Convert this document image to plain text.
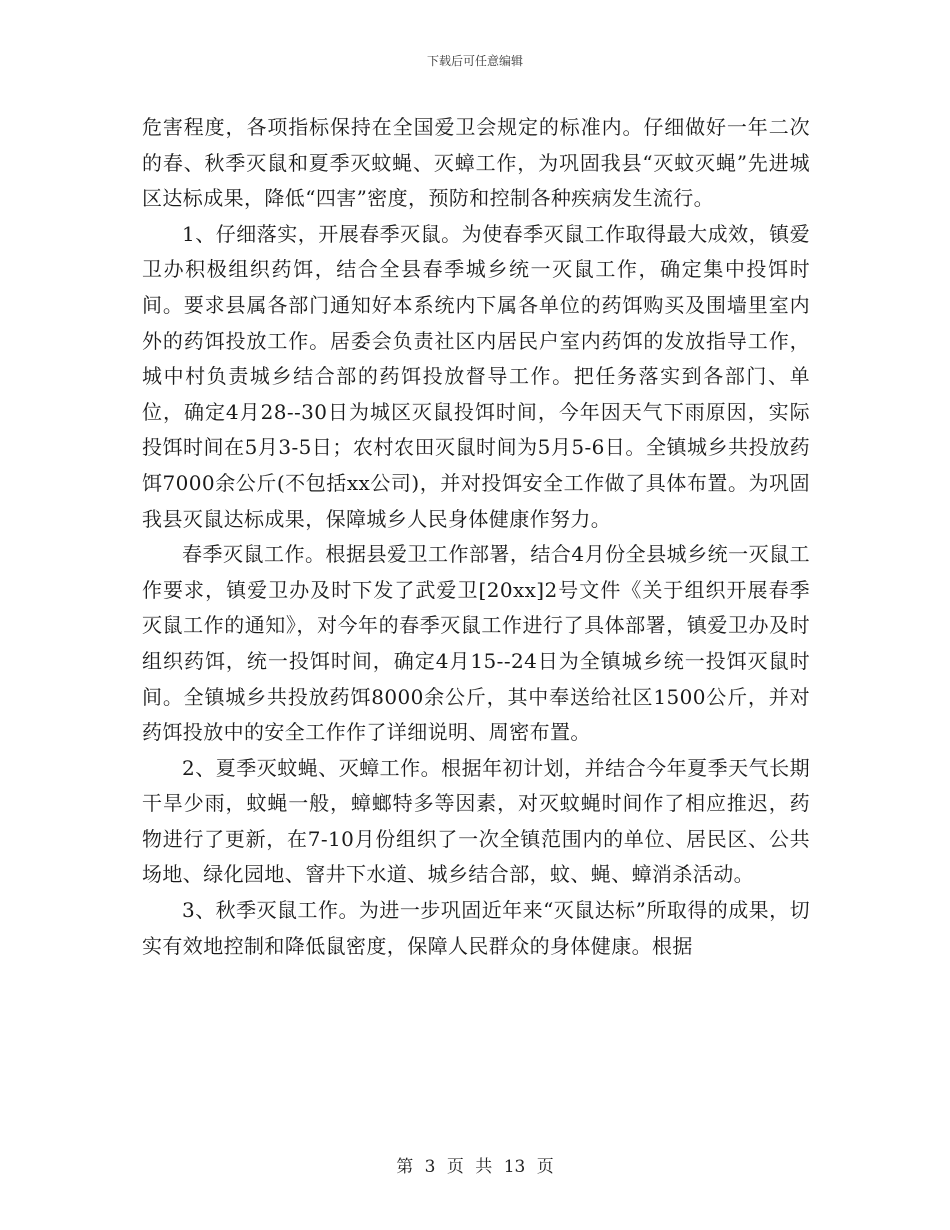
下载后可任意编辑

危害程度，各项指标保持在全国爱卫会规定的标准内。仔细做好一年二次的春、秋季灭鼠和夏季灭蚊蝇、灭蟑工作，为巩固我县“灭蚊灭蝇”先进城区达标成果，降低“四害”密度，预防和控制各种疾病发生流行。

1、仔细落实，开展春季灭鼠。为使春季灭鼠工作取得最大成效，镇爱卫办积极组织药饵，结合全县春季城乡统一灭鼠工作，确定集中投饵时间。要求县属各部门通知好本系统内下属各单位的药饵购买及围墙里室内外的药饵投放工作。居委会负责社区内居民户室内药饵的发放指导工作，城中村负责城乡结合部的药饵投放督导工作。把任务落实到各部门、单位，确定4月28--30日为城区灭鼠投饵时间，今年因天气下雨原因，实际投饵时间在5月3-5日；农村农田灭鼠时间为5月5-6日。全镇城乡共投放药饵7000余公斤(不包括xx公司)，并对投饵安全工作做了具体布置。为巩固我县灭鼠达标成果，保障城乡人民身体健康作努力。

春季灭鼠工作。根据县爱卫工作部署，结合4月份全县城乡统一灭鼠工作要求，镇爱卫办及时下发了武爱卫[20xx]2号文件《关于组织开展春季灭鼠工作的通知》，对今年的春季灭鼠工作进行了具体部署，镇爱卫办及时组织药饵，统一投饵时间，确定4月15--24日为全镇城乡统一投饵灭鼠时间。全镇城乡共投放药饵8000余公斤，其中奉送给社区1500公斤，并对药饵投放中的安全工作作了详细说明、周密布置。

2、夏季灭蚊蝇、灭蟑工作。根据年初计划，并结合今年夏季天气长期干旱少雨，蚊蝇一般，蟑螂特多等因素，对灭蚊蝇时间作了相应推迟，药物进行了更新，在7-10月份组织了一次全镇范围内的单位、居民区、公共场地、绿化园地、窨井下水道、城乡结合部，蚊、蝇、蟑消杀活动。

3、秋季灭鼠工作。为进一步巩固近年来“灭鼠达标”所取得的成果，切实有效地控制和降低鼠密度，保障人民群众的身体健康。根据

第 3 页 共 13 页
